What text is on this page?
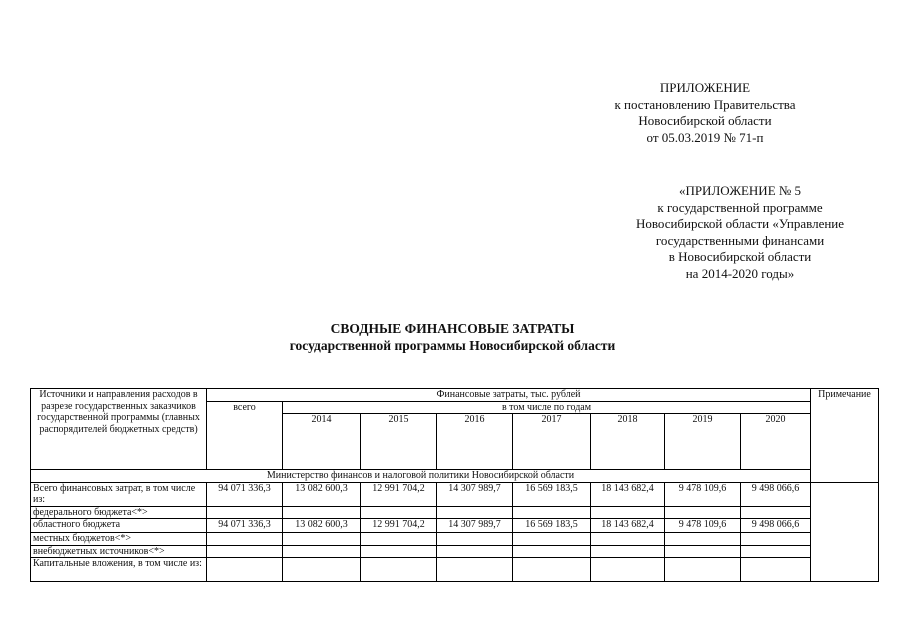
ПРИЛОЖЕНИЕ
к постановлению Правительства
Новосибирской области
от 05.03.2019 № 71-п
«ПРИЛОЖЕНИЕ № 5
к государственной программе
Новосибирской области «Управление
государственными финансами
в Новосибирской области
на 2014-2020 годы»
СВОДНЫЕ ФИНАНСОВЫЕ ЗАТРАТЫ
государственной программы Новосибирской области
Источники и направления расходов в разрезе государственных заказчиков государственной программы (главных распорядителей бюджетных средств)	Финансовые затраты, тыс. рублей								Примечание
	всего	в том числе по годам							
		2014	2015	2016	2017	2018	2019	2020	
Министерство финансов и налоговой политики Новосибирской области									
Всего финансовых затрат, в том числе из:	94 071 336,3	13 082 600,3	12 991 704,2	14 307 989,7	16 569 183,5	18 143 682,4	9 478 109,6	9 498 066,6	
федерального бюджета<*>									
областного бюджета	94 071 336,3	13 082 600,3	12 991 704,2	14 307 989,7	16 569 183,5	18 143 682,4	9 478 109,6	9 498 066,6	
местных бюджетов<*>									
внебюджетных источников<*>									
Капитальные вложения, в том числе из:									
